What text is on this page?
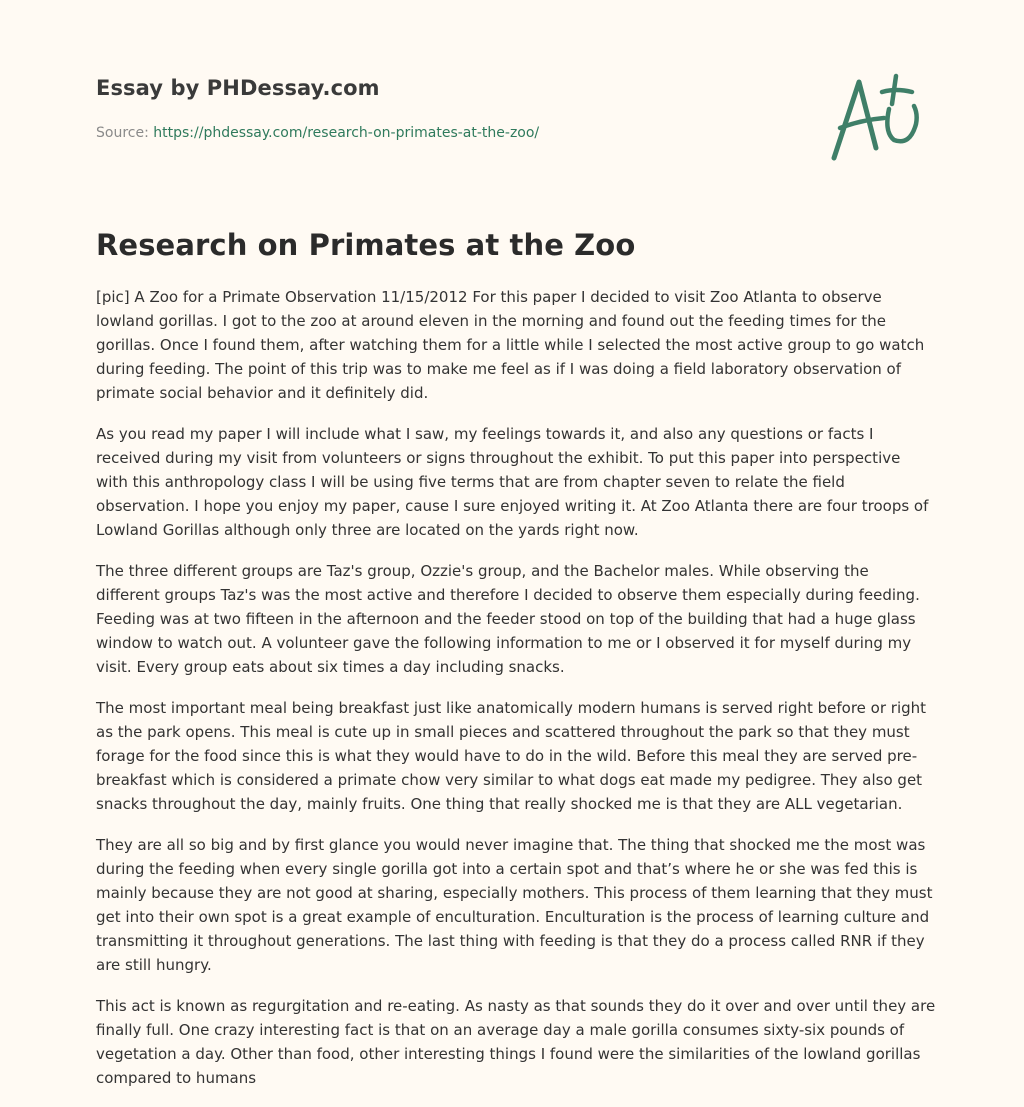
Essay by PHDessay.com
Source: https://phdessay.com/research-on-primates-at-the-zoo/
Research on Primates at the Zoo

[pic] A Zoo for a Primate Observation 11/15/2012 For this paper I decided to visit Zoo Atlanta to observe lowland gorillas. I got to the zoo at around eleven in the morning and found out the feeding times for the gorillas. Once I found them, after watching them for a little while I selected the most active group to go watch during feeding. The point of this trip was to make me feel as if I was doing a field laboratory observation of primate social behavior and it definitely did.

As you read my paper I will include what I saw, my feelings towards it, and also any questions or facts I received during my visit from volunteers or signs throughout the exhibit. To put this paper into perspective with this anthropology class I will be using five terms that are from chapter seven to relate the field observation. I hope you enjoy my paper, cause I sure enjoyed writing it. At Zoo Atlanta there are four troops of Lowland Gorillas although only three are located on the yards right now.

The three different groups are Taz's group, Ozzie's group, and the Bachelor males. While observing the different groups Taz's was the most active and therefore I decided to observe them especially during feeding. Feeding was at two fifteen in the afternoon and the feeder stood on top of the building that had a huge glass window to watch out. A volunteer gave the following information to me or I observed it for myself during my visit. Every group eats about six times a day including snacks.

The most important meal being breakfast just like anatomically modern humans is served right before or right as the park opens. This meal is cute up in small pieces and scattered throughout the park so that they must forage for the food since this is what they would have to do in the wild. Before this meal they are served pre-breakfast which is considered a primate chow very similar to what dogs eat made my pedigree. They also get snacks throughout the day, mainly fruits. One thing that really shocked me is that they are ALL vegetarian.

They are all so big and by first glance you would never imagine that. The thing that shocked me the most was during the feeding when every single gorilla got into a certain spot and that’s where he or she was fed this is mainly because they are not good at sharing, especially mothers. This process of them learning that they must get into their own spot is a great example of enculturation. Enculturation is the process of learning culture and transmitting it throughout generations. The last thing with feeding is that they do a process called RNR if they are still hungry.

This act is known as regurgitation and re-eating. As nasty as that sounds they do it over and over until they are finally full. One crazy interesting fact is that on an average day a male gorilla consumes sixty-six pounds of vegetation a day. Other than food, other interesting things I found were the similarities of the lowland gorillas compared to humans
